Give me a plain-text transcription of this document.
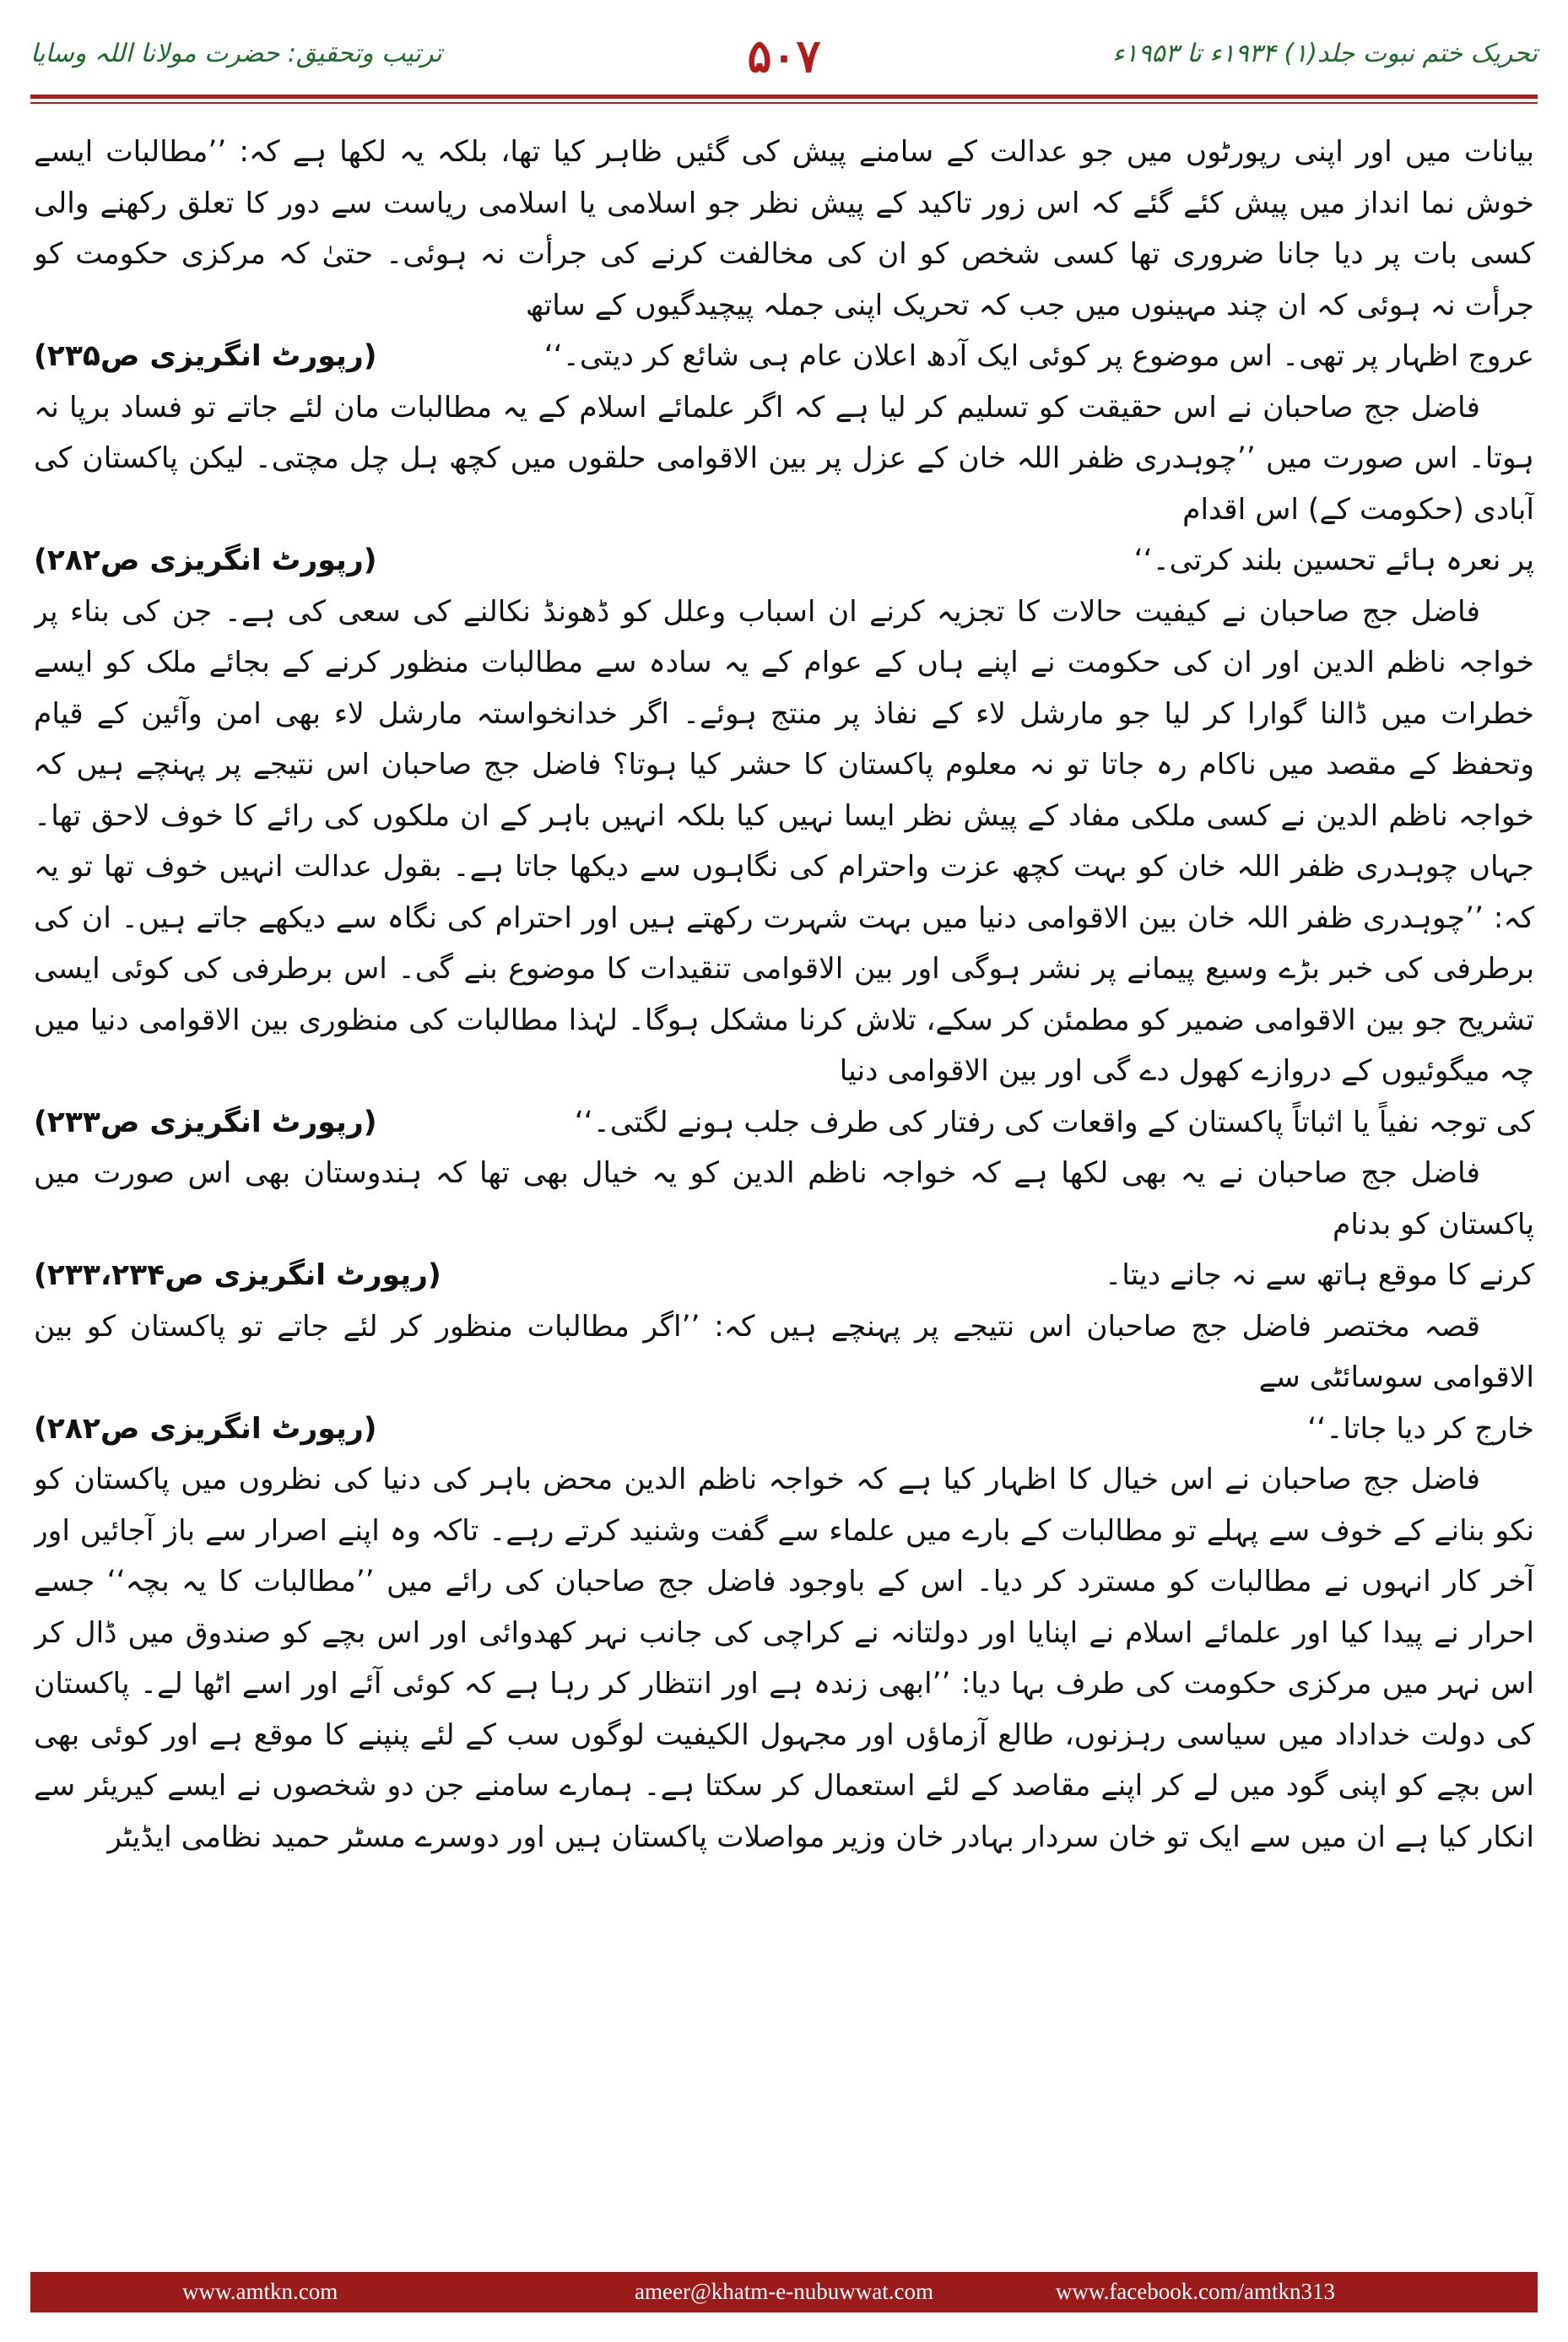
تحریک ختم نبوت جلد(۱) ۱۹۳۴ء تا ۱۹۵۳ء
۵۰۷
ترتیب وتحقیق: حضرت مولانا اللہ وسایا

بیانات میں اور اپنی رپورٹوں میں جو عدالت کے سامنے پیش کی گئیں ظاہر کیا تھا، بلکہ یہ لکھا ہے کہ: ’’مطالبات ایسے خوش نما انداز میں پیش کئے گئے کہ اس زور تاکید کے پیش نظر جو اسلامی یا اسلامی ریاست سے دور کا تعلق رکھنے والی کسی بات پر دیا جانا ضروری تھا کسی شخص کو ان کی مخالفت کرنے کی جرأت نہ ہوئی۔ حتیٰ کہ مرکزی حکومت کو جرأت نہ ہوئی کہ ان چند مہینوں میں جب کہ تحریک اپنی جملہ پیچیدگیوں کے ساتھ

عروج اظہار پر تھی۔ اس موضوع پر کوئی ایک آدھ اعلان عام ہی شائع کر دیتی۔‘‘
(رپورٹ انگریزی ص۲۳۵)

فاضل جج صاحبان نے اس حقیقت کو تسلیم کر لیا ہے کہ اگر علمائے اسلام کے یہ مطالبات مان لئے جاتے تو فساد برپا نہ ہوتا۔ اس صورت میں ’’چوہدری ظفر اللہ خان کے عزل پر بین الاقوامی حلقوں میں کچھ ہل چل مچتی۔ لیکن پاکستان کی آبادی (حکومت کے) اس اقدام

پر نعرہ ہائے تحسین بلند کرتی۔‘‘
(رپورٹ انگریزی ص۲۸۲)

فاضل جج صاحبان نے کیفیت حالات کا تجزیہ کرنے ان اسباب وعلل کو ڈھونڈ نکالنے کی سعی کی ہے۔ جن کی بناء پر خواجہ ناظم الدین اور ان کی حکومت نے اپنے ہاں کے عوام کے یہ سادہ سے مطالبات منظور کرنے کے بجائے ملک کو ایسے خطرات میں ڈالنا گوارا کر لیا جو مارشل لاء کے نفاذ پر منتج ہوئے۔ اگر خدانخواستہ مارشل لاء بھی امن وآئین کے قیام وتحفظ کے مقصد میں ناکام رہ جاتا تو نہ معلوم پاکستان کا حشر کیا ہوتا؟ فاضل جج صاحبان اس نتیجے پر پہنچے ہیں کہ خواجہ ناظم الدین نے کسی ملکی مفاد کے پیش نظر ایسا نہیں کیا بلکہ انہیں باہر کے ان ملکوں کی رائے کا خوف لاحق تھا۔ جہاں چوہدری ظفر اللہ خان کو بہت کچھ عزت واحترام کی نگاہوں سے دیکھا جاتا ہے۔ بقول عدالت انہیں خوف تھا تو یہ کہ: ’’چوہدری ظفر اللہ خان بین الاقوامی دنیا میں بہت شہرت رکھتے ہیں اور احترام کی نگاہ سے دیکھے جاتے ہیں۔ ان کی برطرفی کی خبر بڑے وسیع پیمانے پر نشر ہوگی اور بین الاقوامی تنقیدات کا موضوع بنے گی۔ اس برطرفی کی کوئی ایسی تشریح جو بین الاقوامی ضمیر کو مطمئن کر سکے، تلاش کرنا مشکل ہوگا۔ لہٰذا مطالبات کی منظوری بین الاقوامی دنیا میں چہ میگوئیوں کے دروازے کھول دے گی اور بین الاقوامی دنیا

کی توجہ نفیاً یا اثباتاً پاکستان کے واقعات کی رفتار کی طرف جلب ہونے لگتی۔‘‘
(رپورٹ انگریزی ص۲۳۳)

فاضل جج صاحبان نے یہ بھی لکھا ہے کہ خواجہ ناظم الدین کو یہ خیال بھی تھا کہ ہندوستان بھی اس صورت میں پاکستان کو بدنام

کرنے کا موقع ہاتھ سے نہ جانے دیتا۔
(رپورٹ انگریزی ص۲۳۳،۲۳۴)

قصہ مختصر فاضل جج صاحبان اس نتیجے پر پہنچے ہیں کہ: ’’اگر مطالبات منظور کر لئے جاتے تو پاکستان کو بین الاقوامی سوسائٹی سے

خارج کر دیا جاتا۔‘‘
(رپورٹ انگریزی ص۲۸۲)

فاضل جج صاحبان نے اس خیال کا اظہار کیا ہے کہ خواجہ ناظم الدین محض باہر کی دنیا کی نظروں میں پاکستان کو نکو بنانے کے خوف سے پہلے تو مطالبات کے بارے میں علماء سے گفت وشنید کرتے رہے۔ تاکہ وہ اپنے اصرار سے باز آجائیں اور آخر کار انہوں نے مطالبات کو مسترد کر دیا۔ اس کے باوجود فاضل جج صاحبان کی رائے میں ’’مطالبات کا یہ بچہ‘‘ جسے احرار نے پیدا کیا اور علمائے اسلام نے اپنایا اور دولتانہ نے کراچی کی جانب نہر کھدوائی اور اس بچے کو صندوق میں ڈال کر اس نہر میں مرکزی حکومت کی طرف بہا دیا: ’’ابھی زندہ ہے اور انتظار کر رہا ہے کہ کوئی آئے اور اسے اٹھا لے۔ پاکستان کی دولت خداداد میں سیاسی رہزنوں، طالع آزماؤں اور مجہول الکیفیت لوگوں سب کے لئے پنپنے کا موقع ہے اور کوئی بھی اس بچے کو اپنی گود میں لے کر اپنے مقاصد کے لئے استعمال کر سکتا ہے۔ ہمارے سامنے جن دو شخصوں نے ایسے کیریئر سے انکار کیا ہے ان میں سے ایک تو خان سردار بہادر خان وزیر مواصلات پاکستان ہیں اور دوسرے مسٹر حمید نظامی ایڈیٹر

www.amtkn.com	ameer@khatm-e-nubuwwat.com	www.facebook.com/amtkn313
